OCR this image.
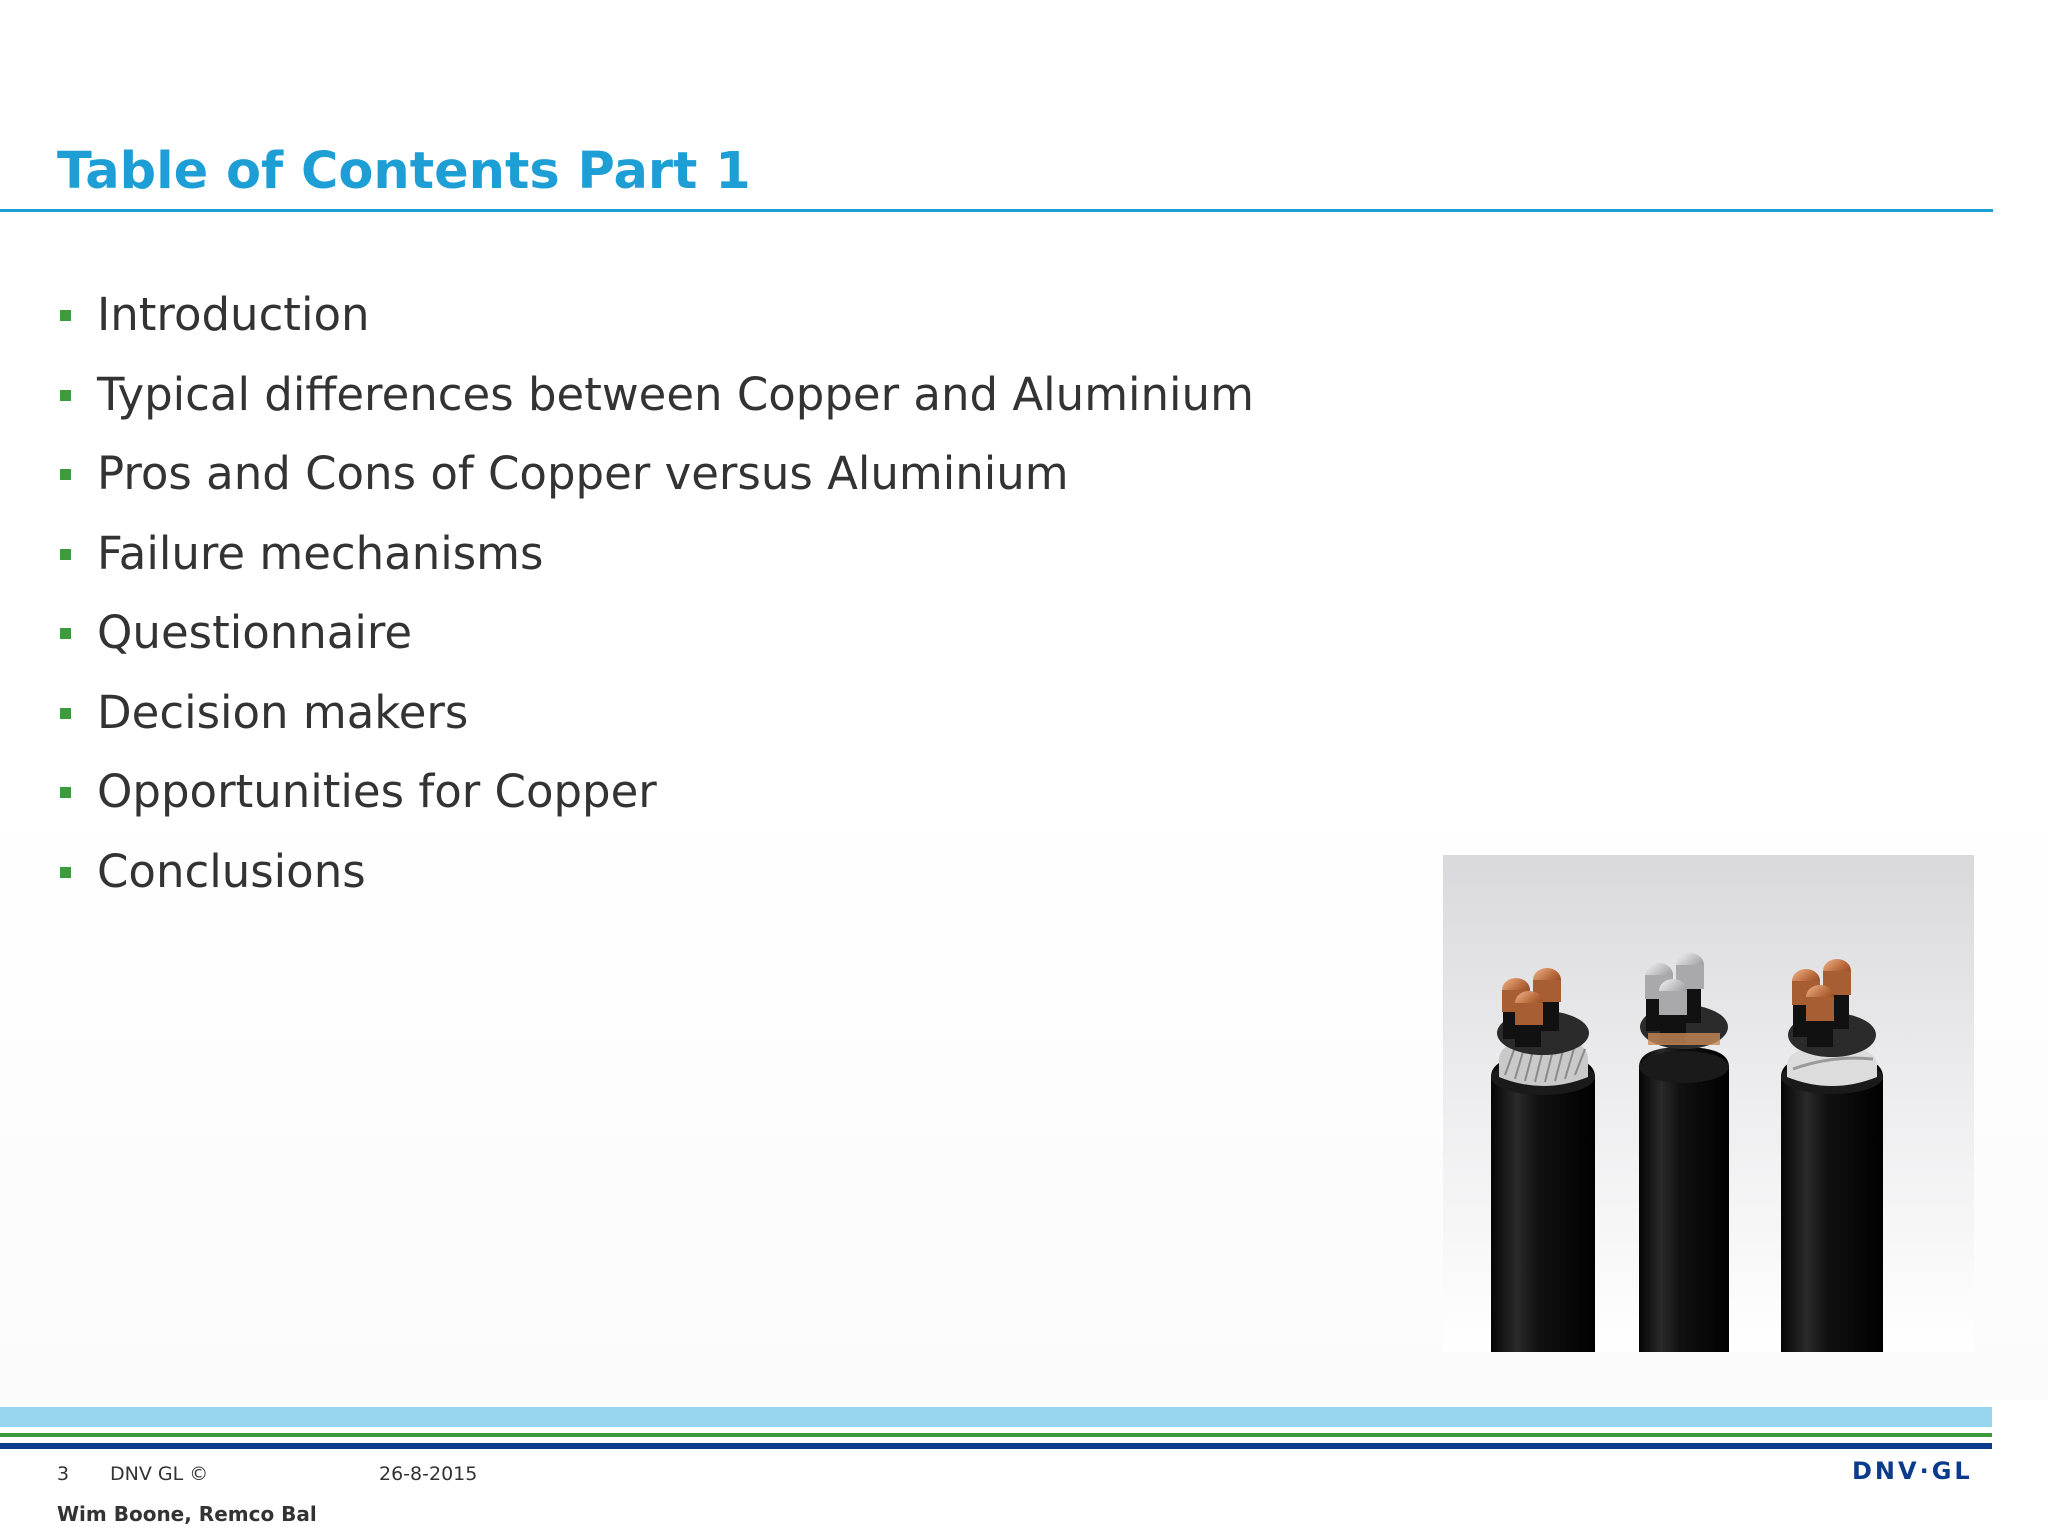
Table of Contents Part 1
Introduction
Typical differences between Copper and Aluminium
Pros and Cons of Copper versus Aluminium
Failure mechanisms
Questionnaire
Decision makers
Opportunities for Copper
Conclusions
3 DNV GL ©	26-8-2015
Wim Boone, Remco Bal
DNV·GL
